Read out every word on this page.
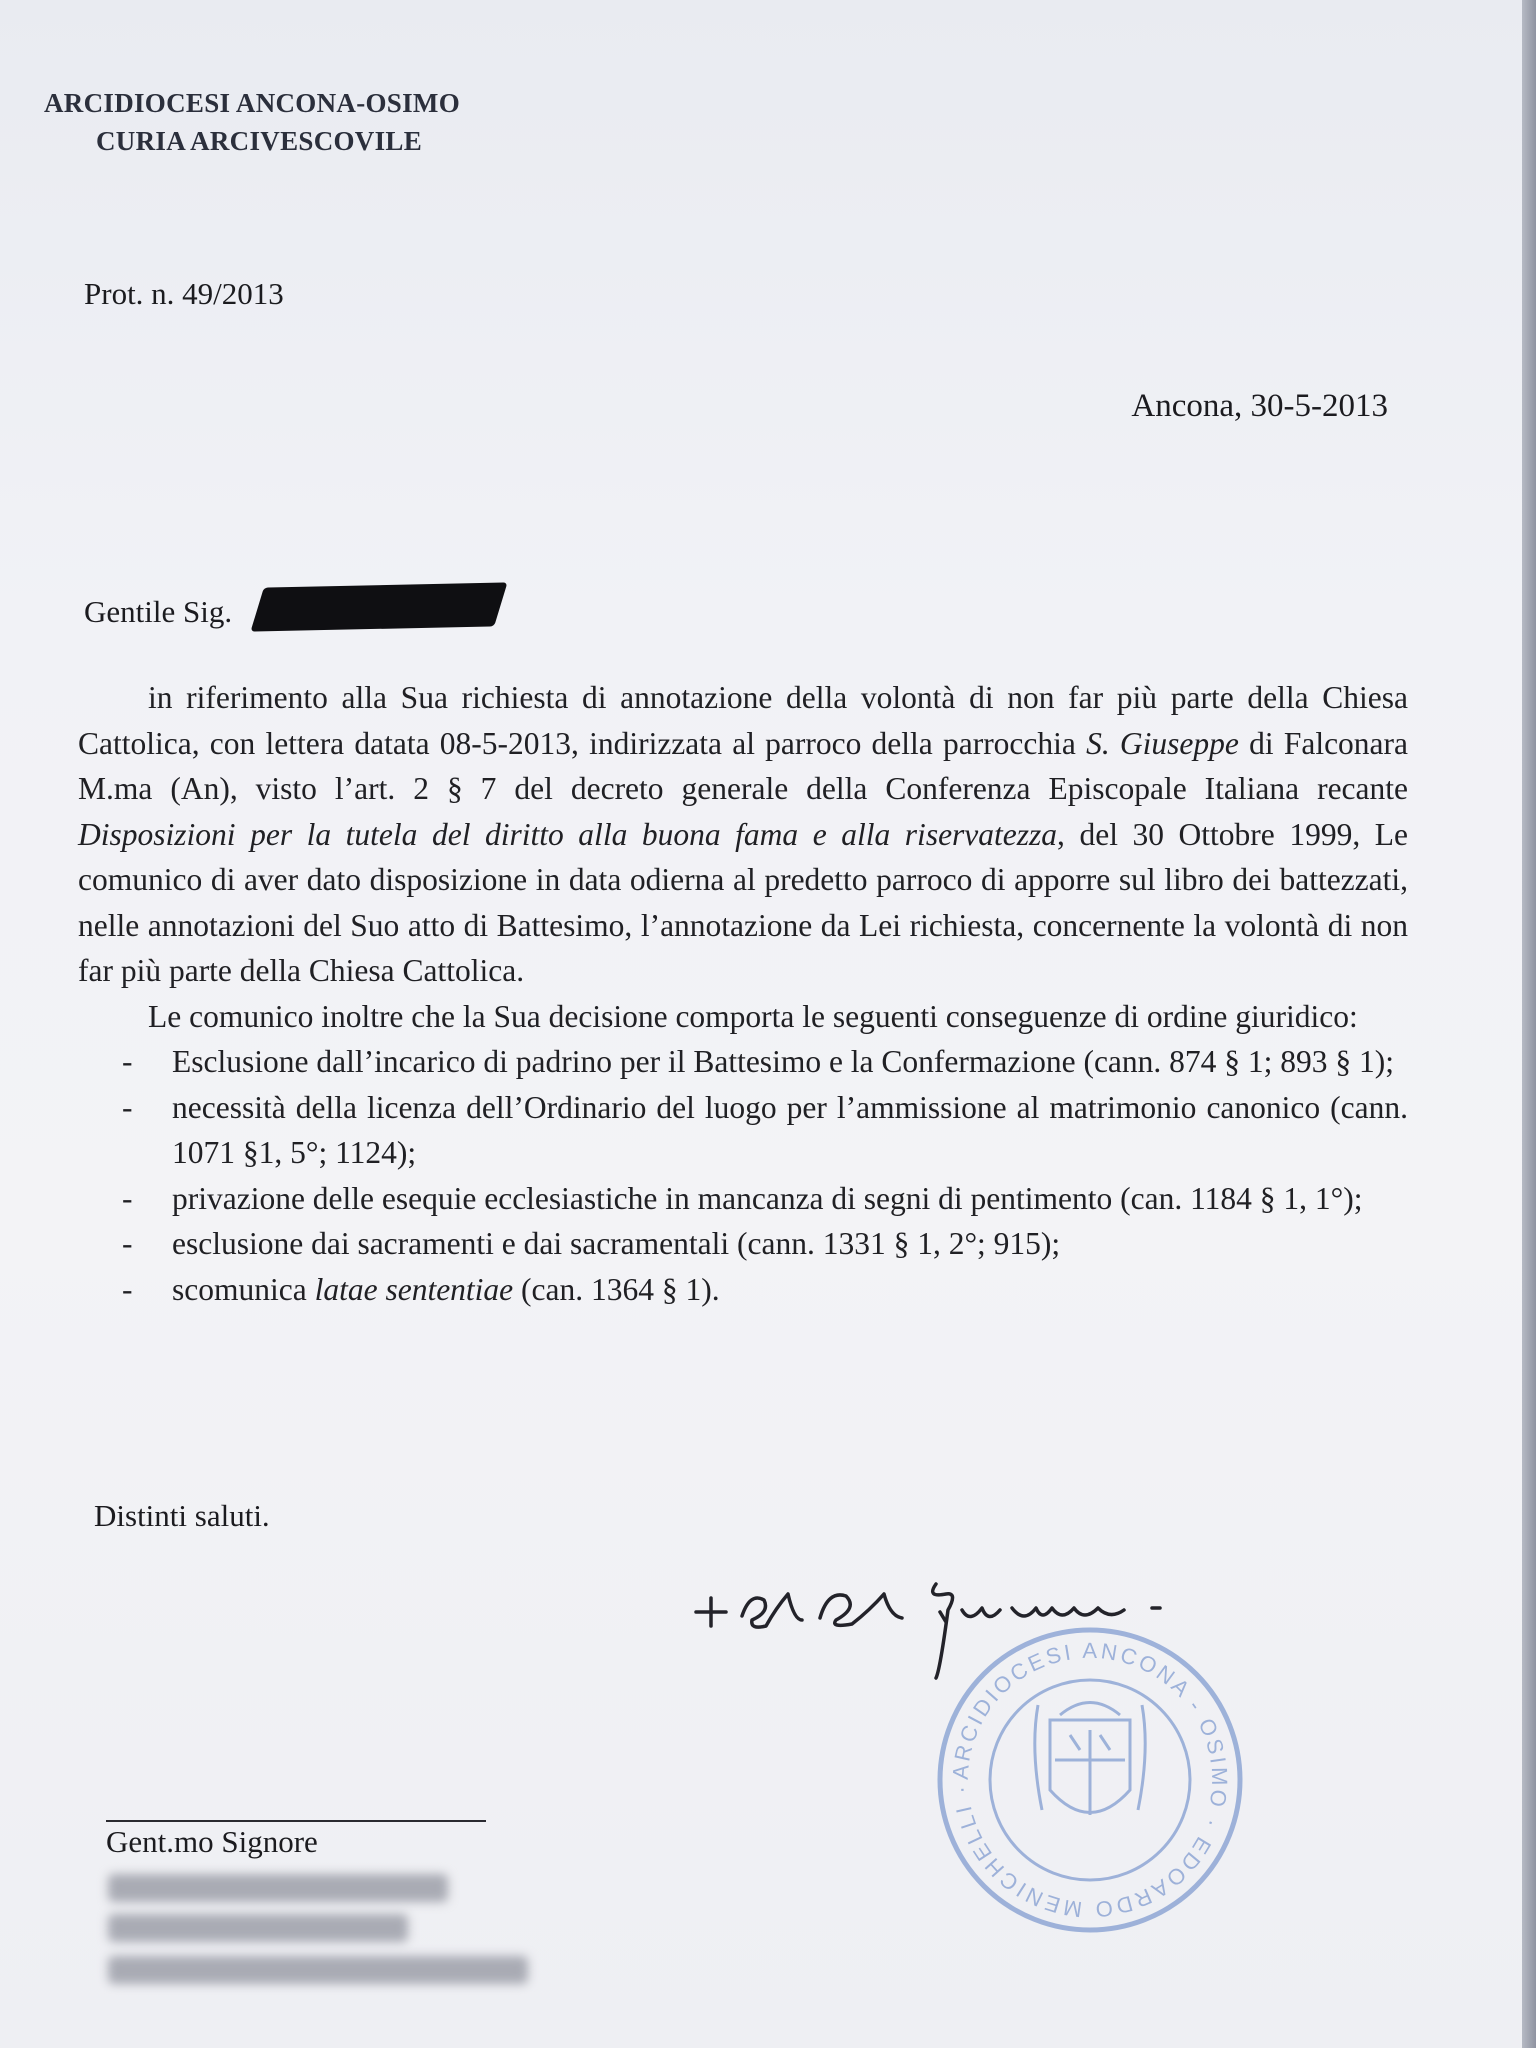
ARCIDIOCESI ANCONA-OSIMO
CURIA ARCIVESCOVILE
Prot. n. 49/2013
Ancona, 30-5-2013
Gentile Sig.

in riferimento alla Sua richiesta di annotazione della volontà di non far più parte della Chiesa Cattolica, con lettera datata 08-5-2013, indirizzata al parroco della parrocchia S. Giuseppe di Falconara M.ma (An), visto l’art. 2 § 7 del decreto generale della Conferenza Episcopale Italiana recante Disposizioni per la tutela del diritto alla buona fama e alla riservatezza, del 30 Ottobre 1999, Le comunico di aver dato disposizione in data odierna al predetto parroco di apporre sul libro dei battezzati, nelle annotazioni del Suo atto di Battesimo, l’annotazione da Lei richiesta, concernente la volontà di non far più parte della Chiesa Cattolica.

Le comunico inoltre che la Sua decisione comporta le seguenti conseguenze di ordine giuridico:

- Esclusione dall’incarico di padrino per il Battesimo e la Confermazione (cann. 874 § 1; 893 § 1);
- necessità della licenza dell’Ordinario del luogo per l’ammissione al matrimonio canonico (cann. 1071 §1, 5°; 1124);
- privazione delle esequie ecclesiastiche in mancanza di segni di pentimento (can. 1184 § 1, 1°);
- esclusione dai sacramenti e dai sacramentali (cann. 1331 § 1, 2°; 915);
- scomunica latae sententiae (can. 1364 § 1).
Distinti saluti.
ARCIDIOCESI ANCONA - OSIMO · EDOARDO MENICHELLI ·
Gent.mo Signore
